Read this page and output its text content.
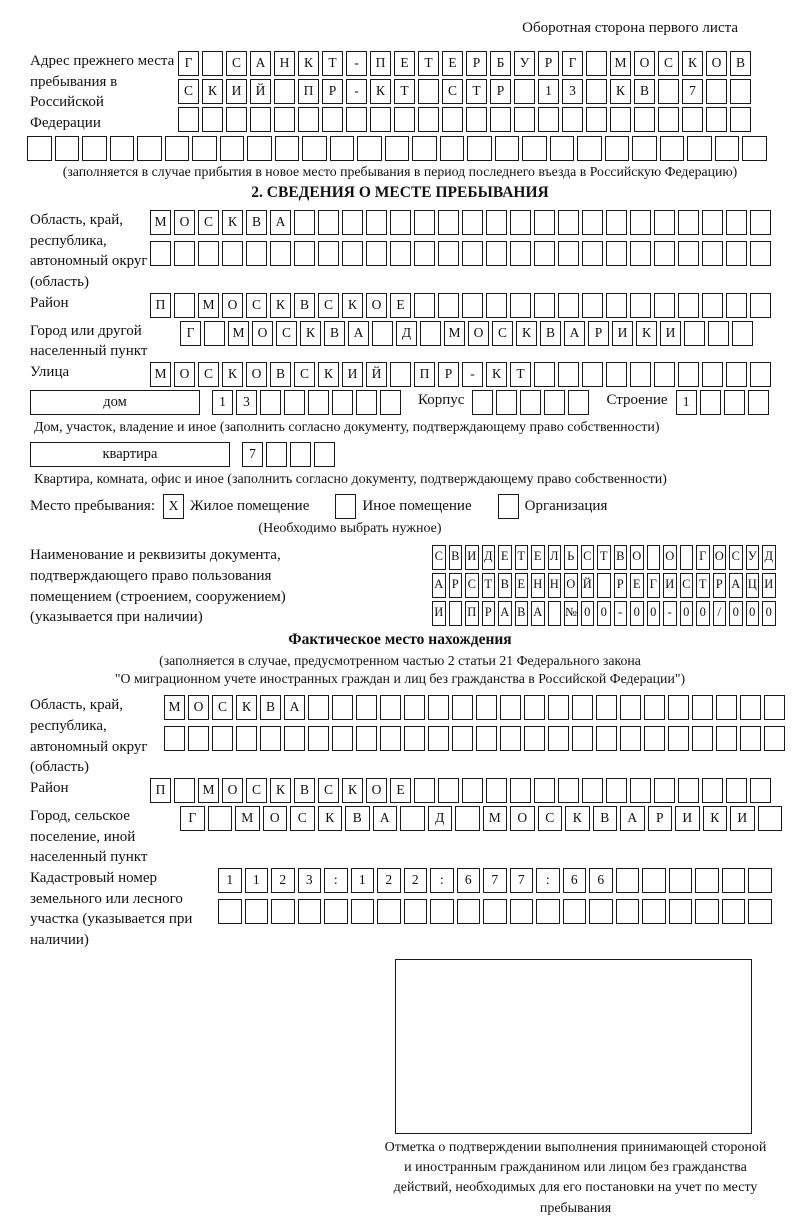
Оборотная сторона первого листа
Адрес прежнего места пребывания в Российской Федерации
Г	С	А	Н	К	Т	-	П	Е	Т	Е	Р	Б	У	Р	Г	М О	С	К	О	В
С	К	И	Й	П	Р	-	К	Т	С	Т	Р	1	3	К	В	7
(заполняется в случае прибытия в новое место пребывания в период последнего въезда в Российскую Федерацию)
2. СВЕДЕНИЯ О МЕСТЕ ПРЕБЫВАНИЯ
Область, край, республика, автономный округ (область)
М О	С	К	В	А
Район	П	М О	С	К	В	С	К	О	Е
Город или другой населенный пункт
Г	М О	С	К	В	А	Д	М О	С	К	В	А	Р	И	К	И
Улица	М О	С	К	О	В	С	К	И	Й	П	Р	-	К	Т
дом	1	3	Корпус	Строение	1
Дом, участок, владение и иное (заполнить согласно документу, подтверждающему право собственности)
квартира	7
Квартира, комната, офис и иное (заполнить согласно документу, подтверждающему право собственности)
Место пребывания:	X Жилое помещение	Иное помещение	Организация
(Необходимо выбрать нужное)
Наименование и реквизиты документа, подтверждающего право пользования помещением (строением, сооружением) (указывается при наличии)
С В И Д Е Т Е Л Ь С Т В О О Г О С У Д
А Р С Т В Е Н Н О Й Р Е Г И С Т Р А Ц И
И П Р А В А № 0 0 - 0 0 - 0 0 / 0 0 0
Фактическое место нахождения
(заполняется в случае, предусмотренном частью 2 статьи 21 Федерального закона
"О миграционном учете иностранных граждан и лиц без гражданства в Российской Федерации")
Область, край, республика, автономный округ (область)
М О	С	К	В	А
Район	П	М О	С	К	В	С	К	О	Е
Город, сельское поселение, иной населенный пункт
Г	М	О	С	К	В	А	Д	М	О	С	К	В	А	Р	И	К	И
Кадастровый номер земельного или лесного участка (указывается при наличии)
1	1	2	3	:	1	2	2	:	6	7	7	:	6	6
Отметка о подтверждении выполнения принимающей стороной и иностранным гражданином или лицом без гражданства действий, необходимых для его постановки на учет по месту пребывания
